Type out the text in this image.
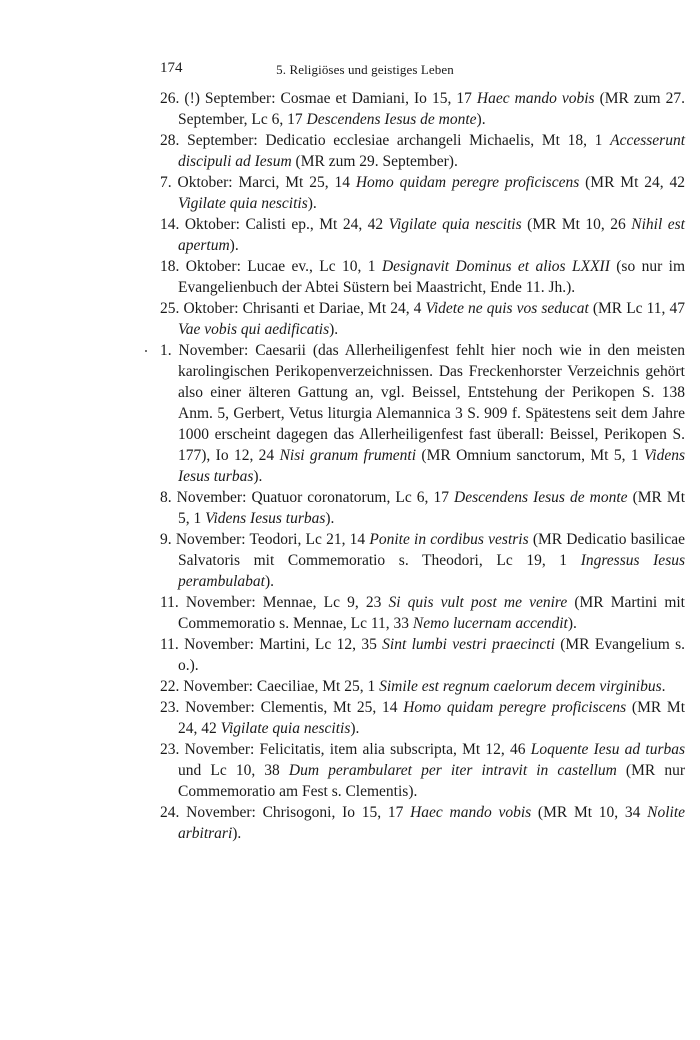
174	5. Religiöses und geistiges Leben

26. (!) September: Cosmae et Damiani, Io 15, 17 Haec mando vobis (MR zum 27. September, Lc 6, 17 Descendens Iesus de monte).

28. September: Dedicatio ecclesiae archangeli Michaelis, Mt 18, 1 Accesserunt discipuli ad Iesum (MR zum 29. September).

7. Oktober: Marci, Mt 25, 14 Homo quidam peregre proficiscens (MR Mt 24, 42 Vigilate quia nescitis).

14. Oktober: Calisti ep., Mt 24, 42 Vigilate quia nescitis (MR Mt 10, 26 Nihil est apertum).

18. Oktober: Lucae ev., Lc 10, 1 Designavit Dominus et alios LXXII (so nur im Evangelienbuch der Abtei Süstern bei Maastricht, Ende 11. Jh.).

25. Oktober: Chrisanti et Dariae, Mt 24, 4 Videte ne quis vos seducat (MR Lc 11, 47 Vae vobis qui aedificatis).

1. November: Caesarii (das Allerheiligenfest fehlt hier noch wie in den meisten karolingischen Perikopenverzeichnissen. Das Freckenhorster Verzeichnis gehört also einer älteren Gattung an, vgl. Beissel, Entstehung der Perikopen S. 138 Anm. 5, Gerbert, Vetus liturgia Alemannica 3 S. 909 f. Spätestens seit dem Jahre 1000 erscheint dagegen das Allerheiligenfest fast überall: Beissel, Perikopen S. 177), Io 12, 24 Nisi granum frumenti (MR Omnium sanctorum, Mt 5, 1 Videns Iesus turbas).

8. November: Quatuor coronatorum, Lc 6, 17 Descendens Iesus de monte (MR Mt 5, 1 Videns Iesus turbas).

9. November: Teodori, Lc 21, 14 Ponite in cordibus vestris (MR Dedicatio basilicae Salvatoris mit Commemoratio s. Theodori, Lc 19, 1 Ingressus Iesus perambulabat).

11. November: Mennae, Lc 9, 23 Si quis vult post me venire (MR Martini mit Commemoratio s. Mennae, Lc 11, 33 Nemo lucernam accendit).

11. November: Martini, Lc 12, 35 Sint lumbi vestri praecincti (MR Evangelium s. o.).

22. November: Caeciliae, Mt 25, 1 Simile est regnum caelorum decem virginibus.

23. November: Clementis, Mt 25, 14 Homo quidam peregre proficiscens (MR Mt 24, 42 Vigilate quia nescitis).

23. November: Felicitatis, item alia subscripta, Mt 12, 46 Loquente Iesu ad turbas und Lc 10, 38 Dum perambularet per iter intravit in castellum (MR nur Commemoratio am Fest s. Clementis).

24. November: Chrisogoni, Io 15, 17 Haec mando vobis (MR Mt 10, 34 Nolite arbitrari).
